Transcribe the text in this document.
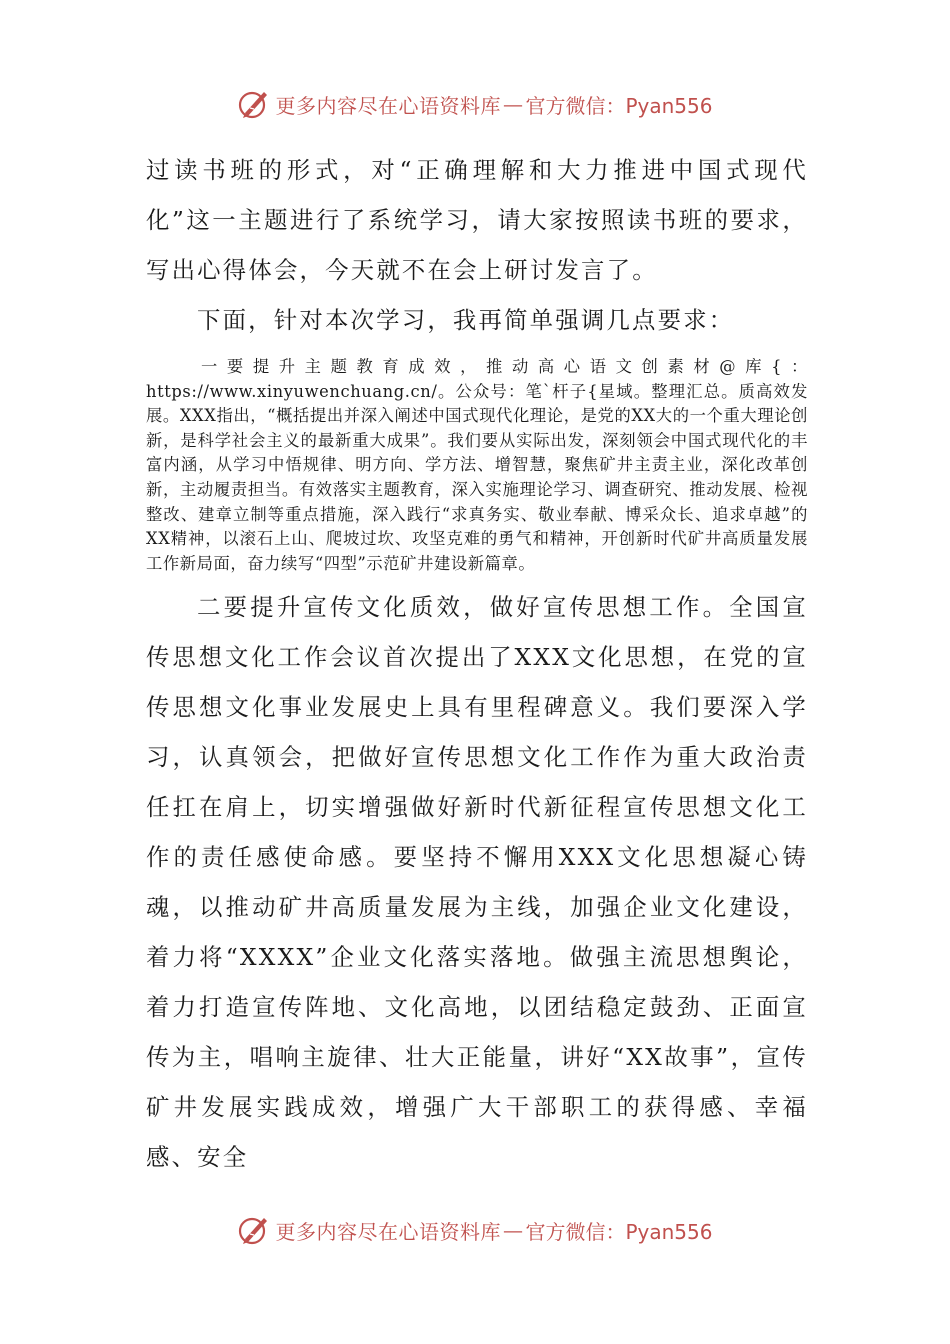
更多内容尽在心语资料库 — 官方微信：Pyan556

过读书班的形式，对“正确理解和大力推进中国式现代化”这一主题进行了系统学习，请大家按照读书班的要求，写出心得体会，今天就不在会上研讨发言了。

下面，针对本次学习，我再简单强调几点要求：

一要提升主题教育成效，推动高心语文创素材@库{：https://www.xinyuwenchuang.cn/。公众号：笔`杆子{星域。整理汇总。质高效发展。XXX指出，“概括提出并深入阐述中国式现代化理论，是党的XX大的一个重大理论创新，是科学社会主义的最新重大成果”。我们要从实际出发，深刻领会中国式现代化的丰富内涵，从学习中悟规律、明方向、学方法、增智慧，聚焦矿井主责主业，深化改革创新，主动履责担当。有效落实主题教育，深入实施理论学习、调查研究、推动发展、检视整改、建章立制等重点措施，深入践行“求真务实、敬业奉献、博采众长、追求卓越”的XX精神，以滚石上山、爬坡过坎、攻坚克难的勇气和精神，开创新时代矿井高质量发展工作新局面，奋力续写“四型”示范矿井建设新篇章。

二要提升宣传文化质效，做好宣传思想工作。全国宣传思想文化工作会议首次提出了XXX文化思想，在党的宣传思想文化事业发展史上具有里程碑意义。我们要深入学习，认真领会，把做好宣传思想文化工作作为重大政治责任扛在肩上，切实增强做好新时代新征程宣传思想文化工作的责任感使命感。要坚持不懈用XXX文化思想凝心铸魂，以推动矿井高质量发展为主线，加强企业文化建设，着力将“XXXX”企业文化落实落地。做强主流思想舆论，着力打造宣传阵地、文化高地，以团结稳定鼓劲、正面宣传为主，唱响主旋律、壮大正能量，讲好“XX故事”，宣传矿井发展实践成效，增强广大干部职工的获得感、幸福感、安全

更多内容尽在心语资料库 — 官方微信：Pyan556
